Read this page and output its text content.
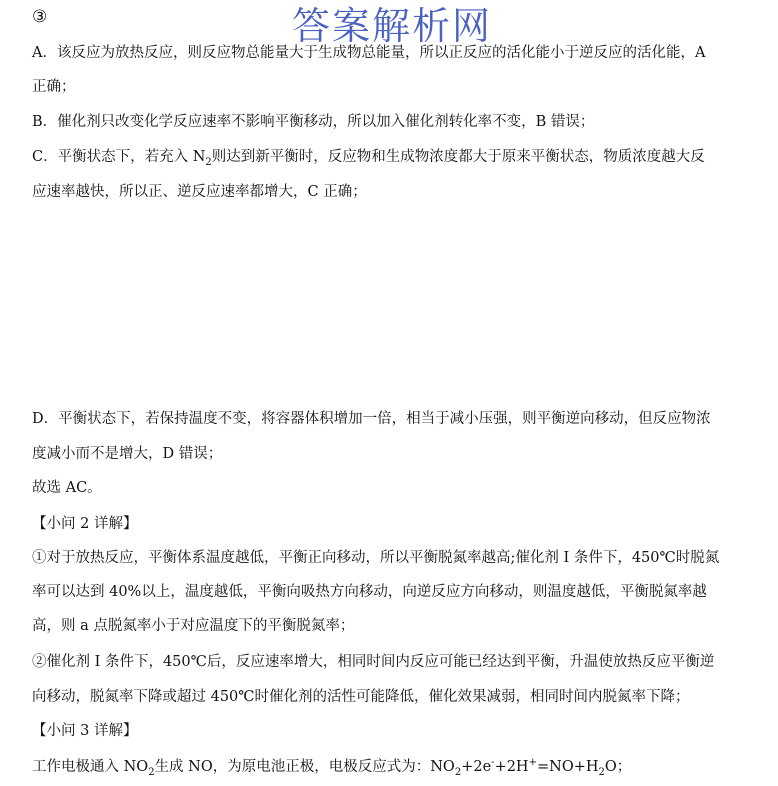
答案解析网
③
A．该反应为放热反应，则反应物总能量大于生成物总能量，所以正反应的活化能小于逆反应的活化能，A
正确；
B．催化剂只改变化学反应速率不影响平衡移动，所以加入催化剂转化率不变，B 错误；
C．平衡状态下，若充入 $N_2$则达到新平衡时，反应物和生成物浓度都大于原来平衡状态，物质浓度越大反
应速率越快，所以正、逆反应速率都增大，C 正确；
D．平衡状态下，若保持温度不变，将容器体积增加一倍，相当于减小压强，则平衡逆向移动，但反应物浓
度减小而不是增大，D 错误；
故选 AC。
【小问 2 详解】
①对于放热反应，平衡体系温度越低，平衡正向移动，所以平衡脱氮率越高;催化剂 I 条件下，450℃时脱氮
率可以达到 40%以上，温度越低，平衡向吸热方向移动，向逆反应方向移动，则温度越低，平衡脱氮率越
高，则 a 点脱氮率小于对应温度下的平衡脱氮率；
②催化剂 I 条件下，450℃后，反应速率增大，相同时间内反应可能已经达到平衡，升温使放热反应平衡逆
向移动，脱氮率下降或超过 450℃时催化剂的活性可能降低，催化效果减弱，相同时间内脱氮率下降；
【小问 3 详解】
工作电极通入 $NO_2$生成 NO，为原电池正极，电极反应式为：$NO_2+2e^-+2H^+=NO+H_2O$；
